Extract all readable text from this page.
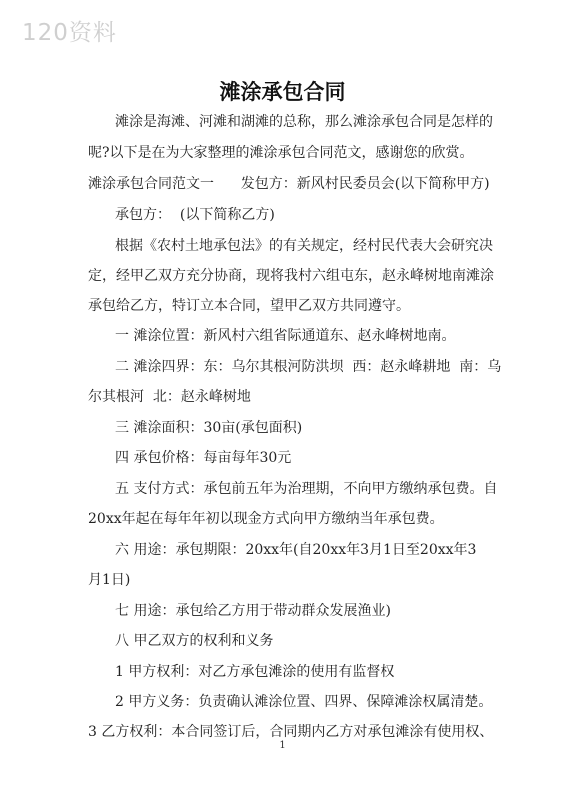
120资料
滩涂承包合同
滩涂是海滩、河滩和湖滩的总称，那么滩涂承包合同是怎样的
呢?以下是在为大家整理的滩涂承包合同范文，感谢您的欣赏。
滩涂承包合同范文一      发包方：新风村民委员会(以下简称甲方)
承包方：  (以下简称乙方)
根据《农村土地承包法》的有关规定，经村民代表大会研究决
定，经甲乙双方充分协商，现将我村六组屯东，赵永峰树地南滩涂
承包给乙方，特订立本合同，望甲乙双方共同遵守。
一 滩涂位置：新风村六组省际通道东、赵永峰树地南。
二 滩涂四界：东：乌尔其根河防洪坝  西：赵永峰耕地  南：乌
尔其根河  北：赵永峰树地
三 滩涂面积：30亩(承包面积)
四 承包价格：每亩每年30元
五 支付方式：承包前五年为治理期，不向甲方缴纳承包费。自
20xx年起在每年年初以现金方式向甲方缴纳当年承包费。
六 用途：承包期限：20xx年(自20xx年3月1日至20xx年3
月1日)
七 用途：承包给乙方用于带动群众发展渔业)
八 甲乙双方的权利和义务
1 甲方权利：对乙方承包滩涂的使用有监督权
2 甲方义务：负责确认滩涂位置、四界、保障滩涂权属清楚。
3 乙方权利：本合同签订后，合同期内乙方对承包滩涂有使用权、
1
